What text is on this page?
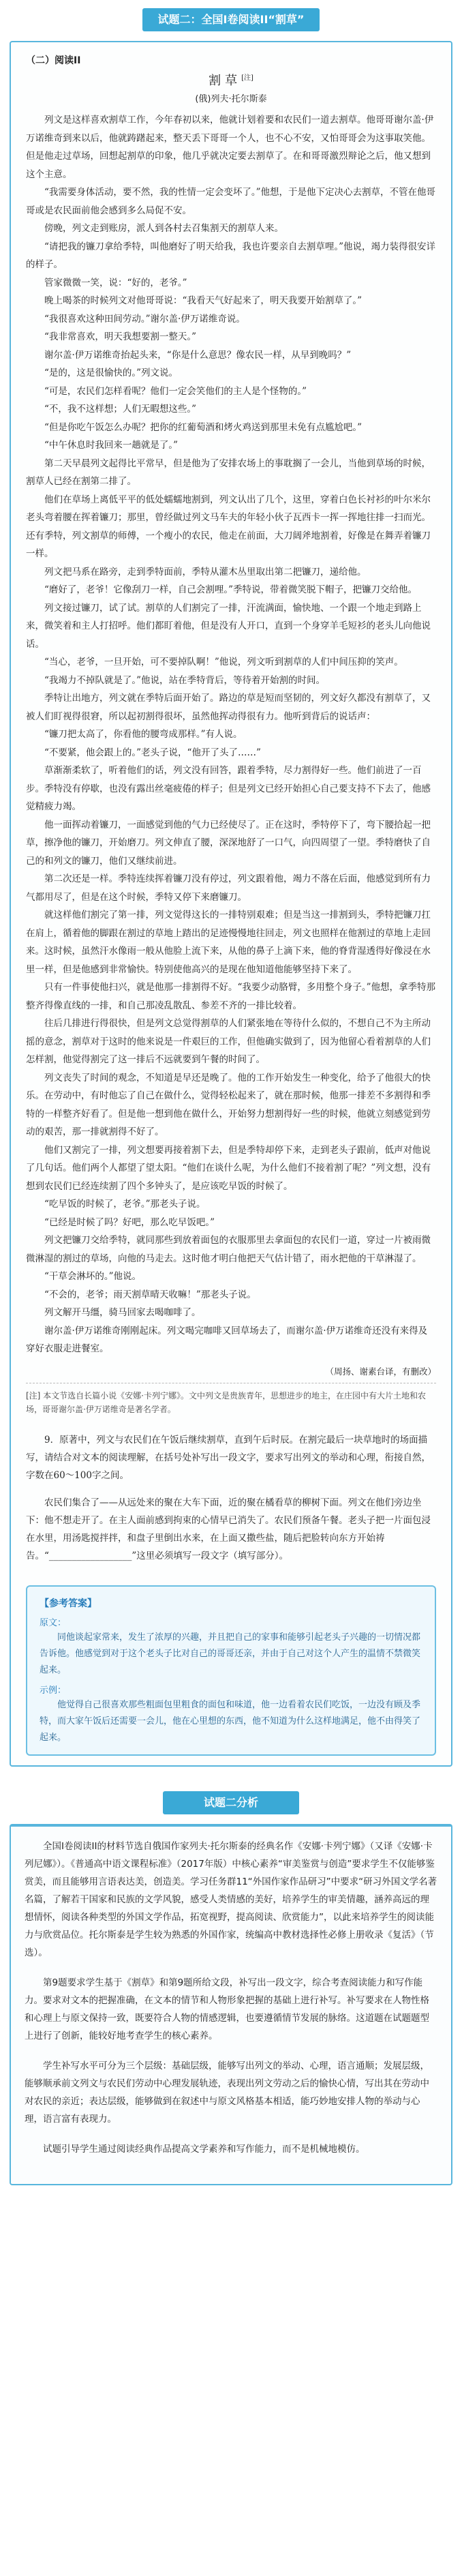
试题二：全国I卷阅读II“割草”
（二）阅读II
割草[注]
(俄)列夫·托尔斯泰

列文是这样喜欢割草工作，今年春初以来，他就计划着要和农民们一道去割草。他哥哥谢尔盖·伊万诺维奇到来以后，他就踌躇起来，整天丢下哥哥一个人，也不心不安，又怕哥哥会为这事取笑他。但是他走过草场，回想起割草的印象，他几乎就决定要去割草了。在和哥哥激烈辩论之后，他又想到这个主意。

“我需要身体活动，要不然，我的性情一定会变坏了。”他想，于是他下定决心去割草，不管在他哥哥或是农民面前他会感到多么局促不安。

傍晚，列文走到账房，派人到各村去召集割天的割草人来。

“请把我的镰刀拿给季特，叫他磨好了明天给我，我也许要亲自去割草哩。”他说，竭力装得很安详的样子。

管家微微一笑，说：“好的，老爷。”

晚上喝茶的时候列文对他哥哥说：“我看天气好起来了，明天我要开始割草了。”

“我很喜欢这种田间劳动。”谢尔盖·伊万诺维奇说。

“我非常喜欢，明天我想要割一整天。”

谢尔盖·伊万诺维奇抬起头来，“你是什么意思？像农民一样，从早到晚吗？”

“是的，这是很愉快的。”列文说。

“可是，农民们怎样看呢？他们一定会笑他们的主人是个怪物的。”

“不，我不这样想；人们无暇想这些。”

“但是你吃午饭怎么办呢？把你的红葡萄酒和烤火鸡送到那里未免有点尴尬吧。”

“中午休息时我回来一趟就是了。”

第二天早晨列文起得比平常早，但是他为了安排农场上的事耽搁了一会儿，当他到草场的时候，割草人已经在割第二排了。

他们在草场上离低平平的低处蠕蠕地割到，列文认出了几个，这里，穿着白色长衬衫的叶尔米尔老头弯着腰在挥着镰刀；那里，曾经做过列文马车夫的年轻小伙子瓦西卡一挥一挥地往排一扫而光。还有季特，列文割草的师傅，一个瘦小的农民，他走在前面，大刀阔斧地割着，好像是在舞弄着镰刀一样。

列文把马系在路旁，走到季特面前，季特从灌木丛里取出第二把镰刀，递给他。

“磨好了，老爷！它像刮刀一样，自己会割哩。”季特说，带着微笑脱下帽子，把镰刀交给他。

列文接过镰刀，试了试。割草的人们割完了一排，汗流满面，愉快地、一个跟一个地走到路上来，微笑着和主人打招呼。他们都盯着他，但是没有人开口，直到一个身穿羊毛短衫的老头儿向他说话。

“当心，老爷，一旦开始，可不要掉队啊！”他说，列文听到割草的人们中间压抑的笑声。

“我竭力不掉队就是了。”他说，站在季特背后，等待着开始割的时间。

季特让出地方，列文就在季特后面开始了。路边的草是短而坚韧的，列文好久都没有割草了，又被人们盯视得很窘，所以起初割得很坏，虽然他挥动得很有力。他听到背后的说话声：

“镰刀把太高了，你看他的腰弯成那样。”有人说。

“不要紧，他会跟上的。”老头子说，“他开了头了……”

草渐渐柔软了，听着他们的话，列文没有回答，跟着季特，尽力割得好一些。他们前进了一百步。季特没有停歇，也没有露出丝毫疲倦的样子；但是列文已经开始担心自己要支持不下去了，他感觉精疲力竭。

他一面挥动着镰刀，一面感觉到他的气力已经使尽了。正在这时，季特停下了，弯下腰拾起一把草，擦净他的镰刀，开始磨刀。列文伸直了腰，深深地舒了一口气，向四周望了一望。季特磨快了自己的和列文的镰刀，他们又继续前进。

第二次还是一样。季特连续挥着镰刀没有停过，列文跟着他，竭力不落在后面，他感觉到所有力气都用尽了，但是在这个时候，季特又停下来磨镰刀。

就这样他们割完了第一排，列文觉得这长的一排特别艰难；但是当这一排割到头，季特把镰刀扛在肩上，循着他的脚跟在割过的草地上踏出的足迹慢慢地往回走，列文也照样在他割过的草地上走回来。这时候，虽然汗水像雨一般从他脸上流下来，从他的鼻子上滴下来，他的脊背湿透得好像浸在水里一样，但是他感到非常愉快。特别使他高兴的是现在他知道他能够坚持下来了。

只有一件事使他扫兴，就是他那一排割得不好。“我要少动胳臂，多用整个身子。”他想，拿季特那整齐得像直线的一排，和自己那凌乱散乱、参差不齐的一排比较着。

往后几排进行得很快，但是列文总觉得割草的人们紧张地在等待什么似的，不想自己不为主所动摇的意念，割草对于这时的他来说是一件艰巨的工作，但他确实做到了，因为他留心看着割草的人们怎样割，他觉得割完了这一排后不远就要到午餐的时间了。

列文丧失了时间的观念，不知道是早还是晚了。他的工作开始发生一种变化，给予了他很大的快乐。在劳动中，有时他忘了自己在做什么，觉得轻松起来了，就在那时候，他那一排差不多割得和季特的一样整齐好看了。但是他一想到他在做什么，开始努力想割得好一些的时候，他就立刻感觉到劳动的艰苦，那一排就割得不好了。

他们又割完了一排，列文想要再接着割下去，但是季特却停下来，走到老头子跟前，低声对他说了几句话。他们两个人都望了望太阳。“他们在谈什么呢，为什么他们不接着割了呢？”列文想，没有想到农民们已经连续割了四个多钟头了，是应该吃早饭的时候了。

“吃早饭的时候了，老爷。”那老头子说。

“已经是时候了吗？好吧，那么吃早饭吧。”

列文把镰刀交给季特，就同那些到放着面包的衣服那里去拿面包的农民们一道，穿过一片被雨微微淋湿的割过的草场，向他的马走去。这时他才明白他把天气估计错了，雨水把他的干草淋湿了。

“干草会淋坏的。”他说。

“不会的，老爷；雨天割草晴天收嘛！”那老头子说。

列文解开马缰，骑马回家去喝咖啡了。

谢尔盖·伊万诺维奇刚刚起床。列文喝完咖啡又回草场去了，而谢尔盖·伊万诺维奇还没有来得及穿好衣服走进餐室。

（周扬、谢素台译，有删改）

[注] 本文节选自长篇小说《安娜·卡列宁娜》。文中列文是贵族青年，思想进步的地主，在庄园中有大片土地和农场，哥哥谢尔盖·伊万诺维奇是著名学者。

9．原著中，列文与农民们在午饭后继续割草，直到午后时辰。在割完最后一块草地时的场面描写，请结合对文本的阅读理解，在括号处补写出一段文字，要求写出列文的举动和心理，衔接自然，字数在60～100字之间。

农民们集合了——从远处来的聚在大车下面，近的聚在橘看草的柳树下面。列文在他们旁边坐下：他不想走开了。在主人面前感到拘束的心情早已消失了。农民们预备午餐。老头子把一片面包浸在水里，用汤匙搅拌拌，和盘子里倒出水来，在上面又撒些盐，随后把脸转向东方开始祷告。“__________________”这里必须填写一段文字（填写部分）。

【参考答案】
原文：

同他谈起家常来，发生了浓厚的兴趣，并且把自己的家事和能够引起老头子兴趣的一切情况都告诉他。他感觉到对于这个老头子比对自己的哥哥还亲，并由于自己对这个人产生的温情不禁微笑起来。

示例：

他觉得自己很喜欢那些粗面包里粗食的面包和味道，他一边看着农民们吃饭，一边没有顾及季特，而大家午饭后还需要一会儿，他在心里想的东西，他不知道为什么这样地满足，他不由得笑了起来。

试题二分析

全国I卷阅读II的材料节选自俄国作家列夫·托尔斯泰的经典名作《安娜·卡列宁娜》（又译《安娜·卡列尼娜》）。《普通高中语文课程标准》（2017年版）中核心素养“审美鉴赏与创造”要求学生不仅能够鉴赏美，而且能够用言语表达美，创造美。学习任务群11“外国作家作品研习”中要求“研习外国文学名著名篇，了解若干国家和民族的文学风貌，感受人类情感的美好，培养学生的审美情趣，涵养高远的理想情怀，阅读各种类型的外国文学作品，拓宽视野，提高阅读、欣赏能力”，以此来培养学生的阅读能力与欣赏品位。托尔斯泰是学生较为熟悉的外国作家，统编高中教材选择性必修上册收录《复活》（节选）。

第9题要求学生基于《割草》和第9题所给文段，补写出一段文字，综合考查阅读能力和写作能力。要求对文本的把握准确，在文本的情节和人物形象把握的基础上进行补写。补写要求在人物性格和心理上与原文保持一致，既要符合人物的情感逻辑，也要遵循情节发展的脉络。这道题在试题题型上进行了创新，能较好地考查学生的核心素养。

学生补写水平可分为三个层级：基础层级，能够写出列文的举动、心理，语言通顺；发展层级，能够顺承前文列文与农民们劳动中心理发展轨迹，表现出列文劳动之后的愉快心情，写出其在劳动中对农民的亲近；表达层级，能够做到在叙述中与原文风格基本相适，能巧妙地安排人物的举动与心理，语言富有表现力。

试题引导学生通过阅读经典作品提高文学素养和写作能力，而不是机械地模仿。
